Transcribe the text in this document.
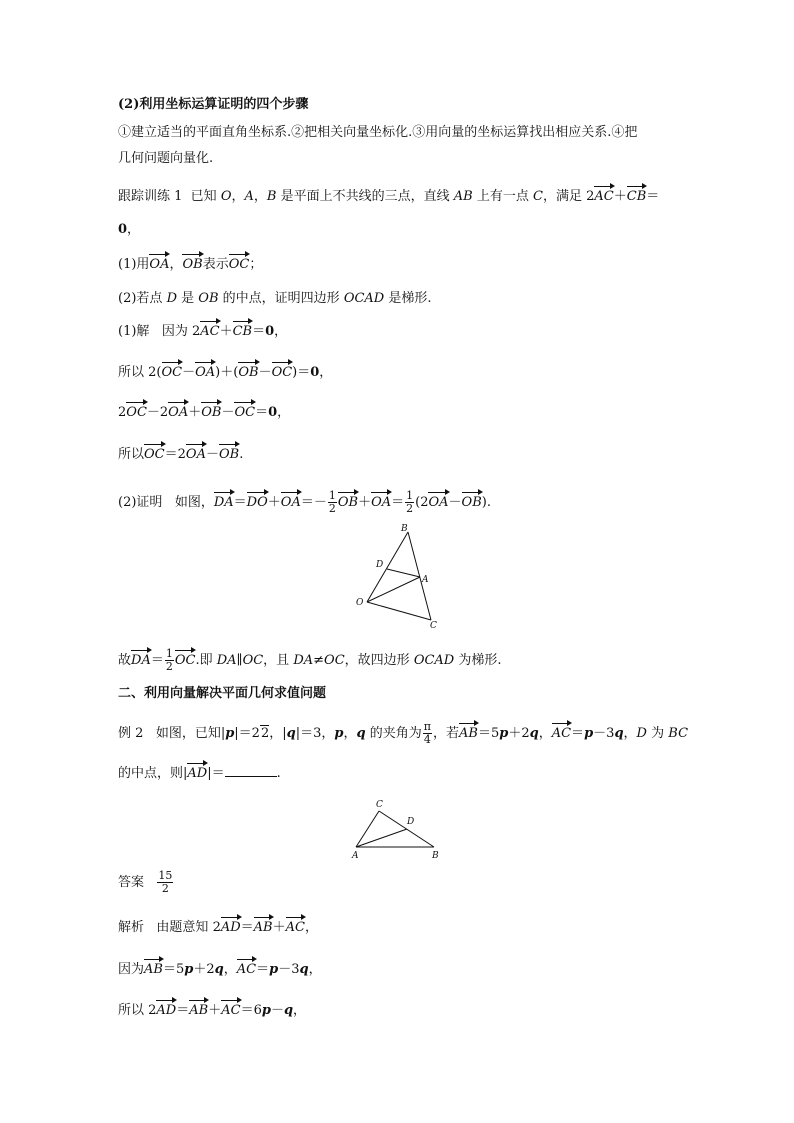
(2)利用坐标运算证明的四个步骤
①建立适当的平面直角坐标系.②把相关向量坐标化.③用向量的坐标运算找出相应关系.④把
几何问题向量化.
跟踪训练 1 已知 O，A，B 是平面上不共线的三点，直线 AB 上有一点 C，满足 2AC＋CB＝
0，
(1)用OA，OB表示OC；
(2)若点 D 是 OB 的中点，证明四边形 OCAD 是梯形.
(1)解 因为 2AC＋CB＝0，
所以 2(OC－OA)＋(OB－OC)＝0，
2OC－2OA＋OB－OC＝0，
所以OC＝2OA－OB.
(2)证明 如图，$DA=DO+OA=- \frac{1}{2} OB+OA= \frac{1}{2} (2OA-OB)$.
B
D
A
O
C
故$DA= \frac{1}{2}$ OC.即 DA∥OC，且 DA≠OC，故四边形 OCAD 为梯形.
二、利用向量解决平面几何求值问题
例 2 如图，已知|p|＝22，|q|＝3，p，q 的夹角为 $\frac{\pi}{4}$ ，若AB＝5p＋2q，AC＝p－3q，D 为 BC
的中点，则|AD|＝	.
C
D
A	B
答案 $\frac{15}{2}$
解析 由题意知 2AD＝AB＋AC，
因为AB＝5p＋2q，AC＝p－3q，
所以 2AD＝AB＋AC＝6p－q，
